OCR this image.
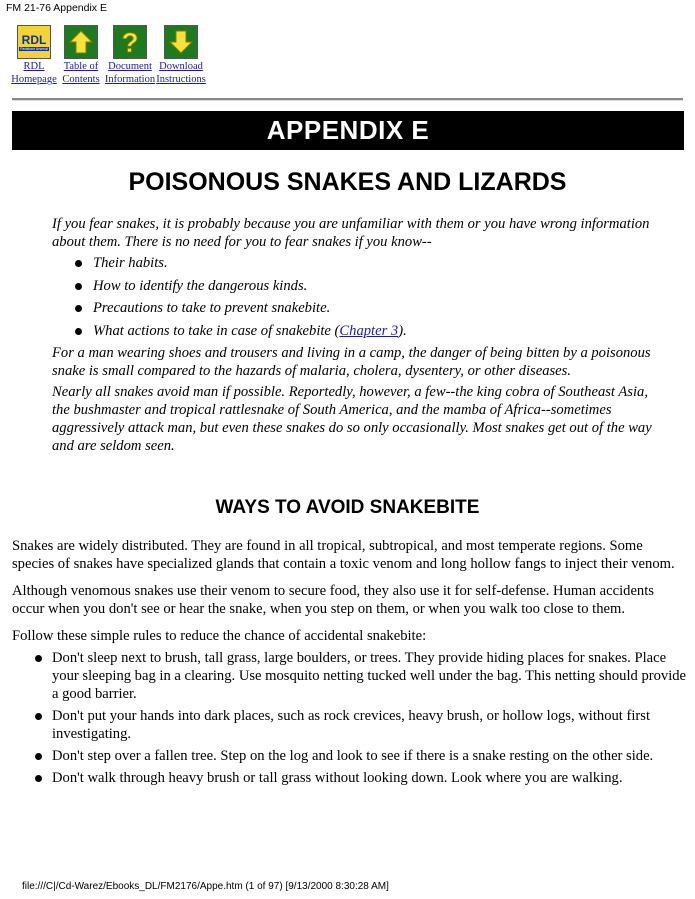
FM 21-76 Appendix E
RDL
Redstone Arsenal
RDL
Homepage
Table of
Contents
?
Document
Information
Download
Instructions
APPENDIX E
POISONOUS SNAKES AND LIZARDS

If you fear snakes, it is probably because you are unfamiliar with them or you have wrong information about them. There is no need for you to fear snakes if you know--

Their habits.
How to identify the dangerous kinds.
Precautions to take to prevent snakebite.
What actions to take in case of snakebite (Chapter 3).

For a man wearing shoes and trousers and living in a camp, the danger of being bitten by a poisonous snake is small compared to the hazards of malaria, cholera, dysentery, or other diseases.

Nearly all snakes avoid man if possible. Reportedly, however, a few--the king cobra of Southeast Asia, the bushmaster and tropical rattlesnake of South America, and the mamba of Africa--sometimes aggressively attack man, but even these snakes do so only occasionally. Most snakes get out of the way and are seldom seen.

WAYS TO AVOID SNAKEBITE

Snakes are widely distributed. They are found in all tropical, subtropical, and most temperate regions. Some species of snakes have specialized glands that contain a toxic venom and long hollow fangs to inject their venom.

Although venomous snakes use their venom to secure food, they also use it for self-defense. Human accidents occur when you don't see or hear the snake, when you step on them, or when you walk too close to them.

Follow these simple rules to reduce the chance of accidental snakebite:

Don't sleep next to brush, tall grass, large boulders, or trees. They provide hiding places for snakes. Place your sleeping bag in a clearing. Use mosquito netting tucked well under the bag. This netting should provide a good barrier.
Don't put your hands into dark places, such as rock crevices, heavy brush, or hollow logs, without first investigating.
Don't step over a fallen tree. Step on the log and look to see if there is a snake resting on the other side.
Don't walk through heavy brush or tall grass without looking down. Look where you are walking.
file:///C|/Cd-Warez/Ebooks_DL/FM2176/Appe.htm (1 of 97) [9/13/2000 8:30:28 AM]
